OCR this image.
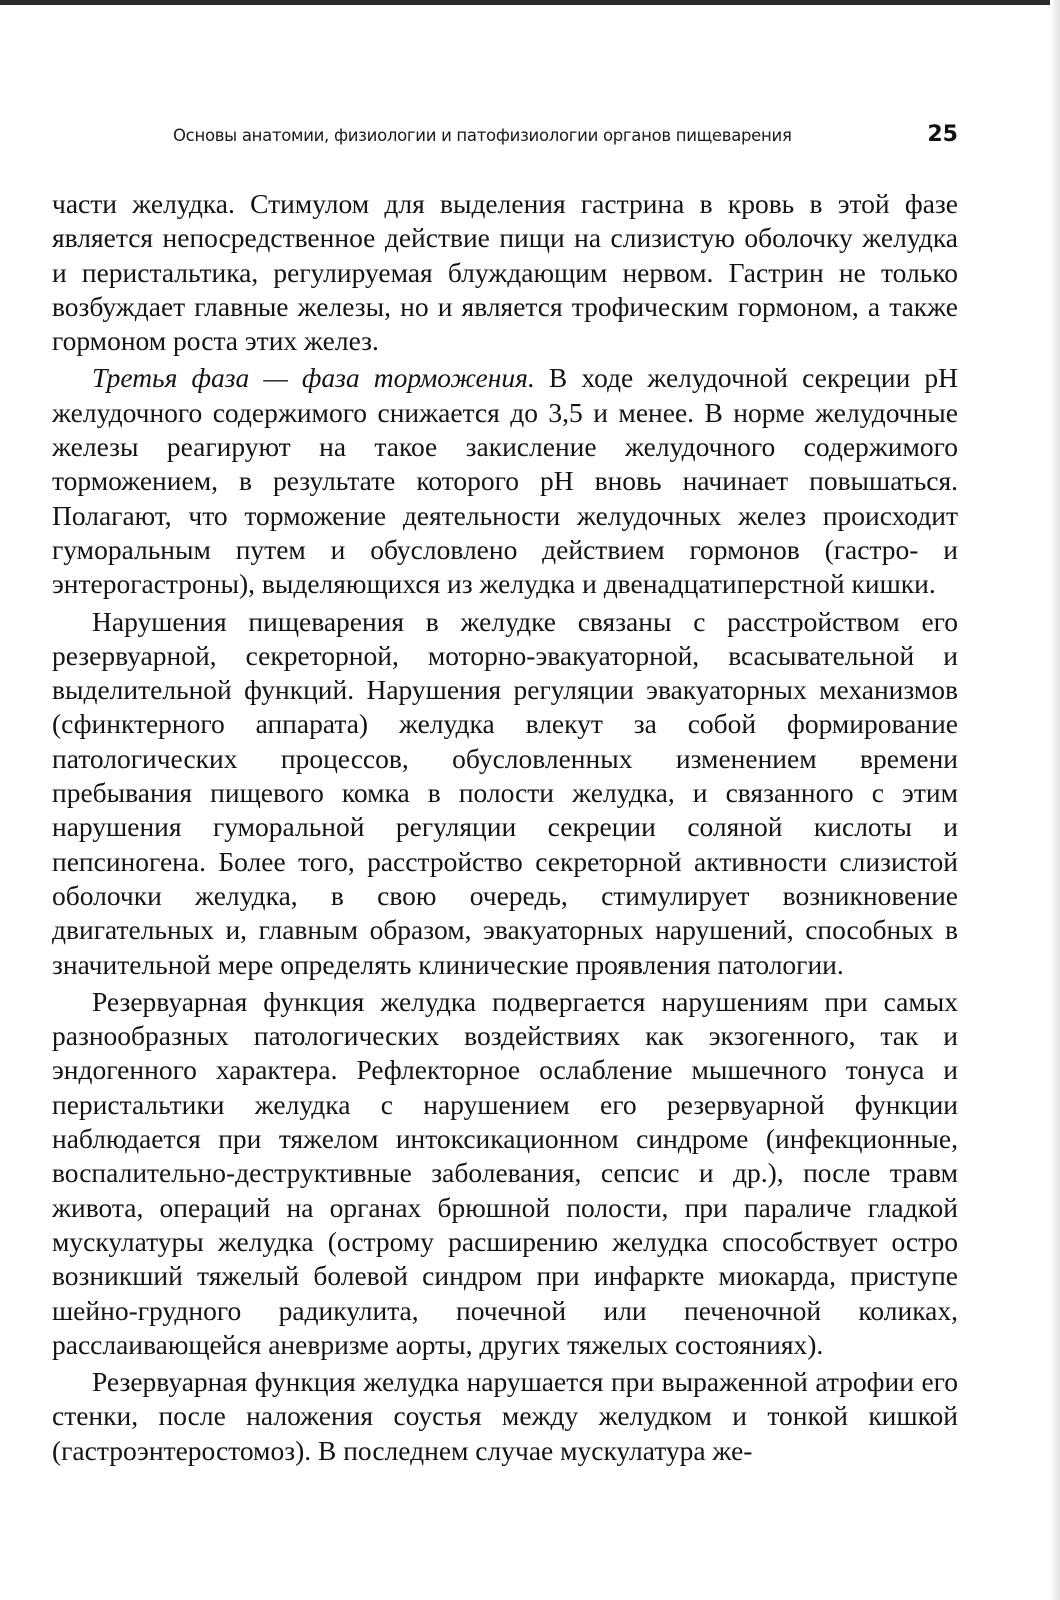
Основы анатомии, физиологии и патофизиологии органов пищеварения	25

части желудка. Стимулом для выделения гастрина в кровь в этой фазе является непосредственное действие пищи на слизистую оболочку желудка и перистальтика, регулируемая блуждающим нервом. Гастрин не только возбуждает главные железы, но и является трофическим гормоном, а также гормоном роста этих желез.

Третья фаза — фаза торможения. В ходе желудочной секреции pH желудочного содержимого снижается до 3,5 и менее. В норме желудочные железы реагируют на такое закисление желудочного содержимого торможением, в результате которого pH вновь начинает повышаться. Полагают, что торможение деятельности желудочных желез происходит гуморальным путем и обусловлено действием гормонов (гастро- и энтерогастроны), выделяющихся из желудка и двенадцатиперстной кишки.

Нарушения пищеварения в желудке связаны с расстройством его резервуарной, секреторной, моторно-эвакуаторной, всасывательной и выделительной функций. Нарушения регуляции эвакуаторных механизмов (сфинктерного аппарата) желудка влекут за собой формирование патологических процессов, обусловленных изменением времени пребывания пищевого комка в полости желудка, и связанного с этим нарушения гуморальной регуляции секреции соляной кислоты и пепсиногена. Более того, расстройство секреторной активности слизистой оболочки желудка, в свою очередь, стимулирует возникновение двигательных и, главным образом, эвакуаторных нарушений, способных в значительной мере определять клинические проявления патологии.

Резервуарная функция желудка подвергается нарушениям при самых разнообразных патологических воздействиях как экзогенного, так и эндогенного характера. Рефлекторное ослабление мышечного тонуса и перистальтики желудка с нарушением его резервуарной функции наблюдается при тяжелом интоксикационном синдроме (инфекционные, воспалительно-деструктивные заболевания, сепсис и др.), после травм живота, операций на органах брюшной полости, при параличе гладкой мускулатуры желудка (острому расширению желудка способствует остро возникший тяжелый болевой синдром при инфаркте миокарда, приступе шейно-грудного радикулита, почечной или печеночной коликах, расслаивающейся аневризме аорты, других тяжелых состояниях).

Резервуарная функция желудка нарушается при выраженной атрофии его стенки, после наложения соустья между желудком и тонкой кишкой (гастроэнтеростомоз). В последнем случае мускулатура же-
